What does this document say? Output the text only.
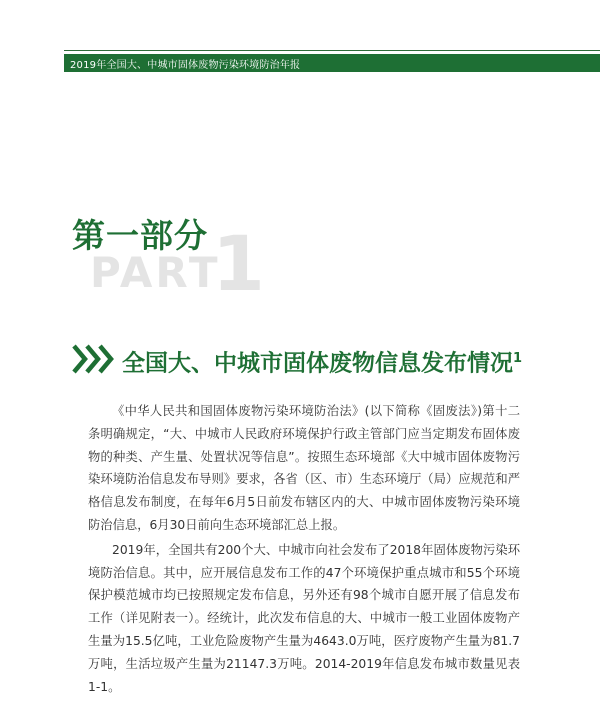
2019年全国大、中城市固体废物污染环境防治年报
PART
1
第一部分
全国大、中城市固体废物信息发布情况$^1$

《中华人民共和国固体废物污染环境防治法》(以下简称《固废法》)第十二条明确规定，“大、中城市人民政府环境保护行政主管部门应当定期发布固体废物的种类、产生量、处置状况等信息”。按照生态环境部《大中城市固体废物污染环境防治信息发布导则》要求，各省（区、市）生态环境厅（局）应规范和严格信息发布制度，在每年6月5日前发布辖区内的大、中城市固体废物污染环境防治信息，6月30日前向生态环境部汇总上报。

2019年，全国共有200个大、中城市向社会发布了2018年固体废物污染环境防治信息。其中，应开展信息发布工作的47个环境保护重点城市和55个环境保护模范城市均已按照规定发布信息，另外还有98个城市自愿开展了信息发布工作（详见附表一）。经统计，此次发布信息的大、中城市一般工业固体废物产生量为15.5亿吨，工业危险废物产生量为4643.0万吨，医疗废物产生量为81.7万吨，生活垃圾产生量为21147.3万吨。2014-2019年信息发布城市数量见表1-1。
